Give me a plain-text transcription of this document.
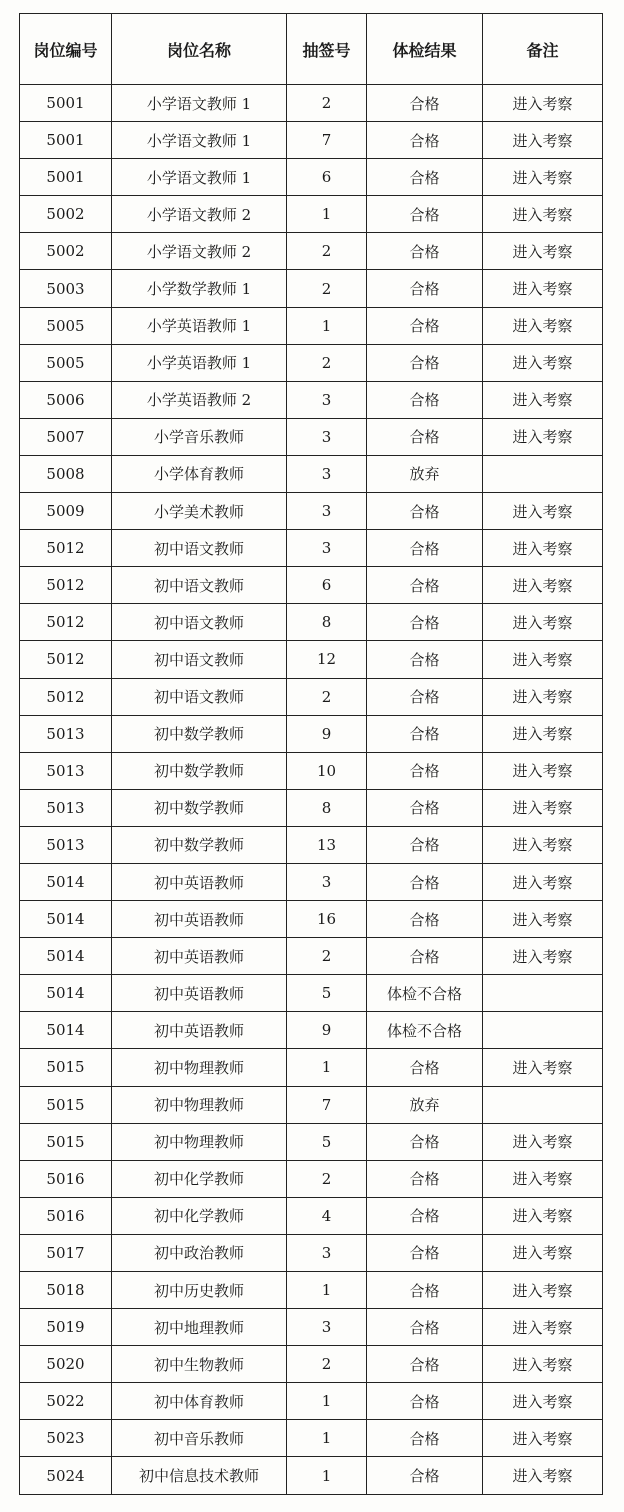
岗位编号	岗位名称	抽签号	体检结果	备注
5001	小学语文教师 1	2	合格	进入考察
5001	小学语文教师 1	7	合格	进入考察
5001	小学语文教师 1	6	合格	进入考察
5002	小学语文教师 2	1	合格	进入考察
5002	小学语文教师 2	2	合格	进入考察
5003	小学数学教师 1	2	合格	进入考察
5005	小学英语教师 1	1	合格	进入考察
5005	小学英语教师 1	2	合格	进入考察
5006	小学英语教师 2	3	合格	进入考察
5007	小学音乐教师	3	合格	进入考察
5008	小学体育教师	3	放弃	
5009	小学美术教师	3	合格	进入考察
5012	初中语文教师	3	合格	进入考察
5012	初中语文教师	6	合格	进入考察
5012	初中语文教师	8	合格	进入考察
5012	初中语文教师	12	合格	进入考察
5012	初中语文教师	2	合格	进入考察
5013	初中数学教师	9	合格	进入考察
5013	初中数学教师	10	合格	进入考察
5013	初中数学教师	8	合格	进入考察
5013	初中数学教师	13	合格	进入考察
5014	初中英语教师	3	合格	进入考察
5014	初中英语教师	16	合格	进入考察
5014	初中英语教师	2	合格	进入考察
5014	初中英语教师	5	体检不合格	
5014	初中英语教师	9	体检不合格	
5015	初中物理教师	1	合格	进入考察
5015	初中物理教师	7	放弃	
5015	初中物理教师	5	合格	进入考察
5016	初中化学教师	2	合格	进入考察
5016	初中化学教师	4	合格	进入考察
5017	初中政治教师	3	合格	进入考察
5018	初中历史教师	1	合格	进入考察
5019	初中地理教师	3	合格	进入考察
5020	初中生物教师	2	合格	进入考察
5022	初中体育教师	1	合格	进入考察
5023	初中音乐教师	1	合格	进入考察
5024	初中信息技术教师	1	合格	进入考察
